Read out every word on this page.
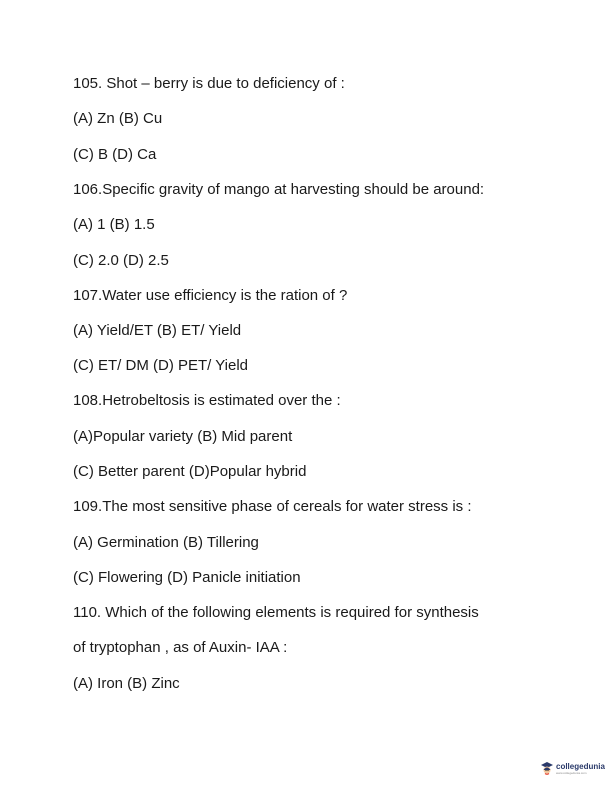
105. Shot – berry is due to deficiency of :
(A) Zn (B) Cu
(C) B (D) Ca
106.Specific gravity of mango at harvesting should be around:
(A) 1 (B) 1.5
(C) 2.0 (D) 2.5
107.Water use efficiency is the ration of ?
(A) Yield/ET (B) ET/ Yield
(C) ET/ DM (D) PET/ Yield
108.Hetrobeltosis is estimated over the :
(A)Popular variety (B) Mid parent
(C) Better parent (D)Popular hybrid
109.The most sensitive phase of cereals for water stress is :
(A) Germination (B) Tillering
(C) Flowering (D) Panicle initiation
110. Which of the following elements is required for synthesis
of tryptophan , as of Auxin- IAA :
(A) Iron (B) Zinc
collegedunia
www.collegedunia.com
